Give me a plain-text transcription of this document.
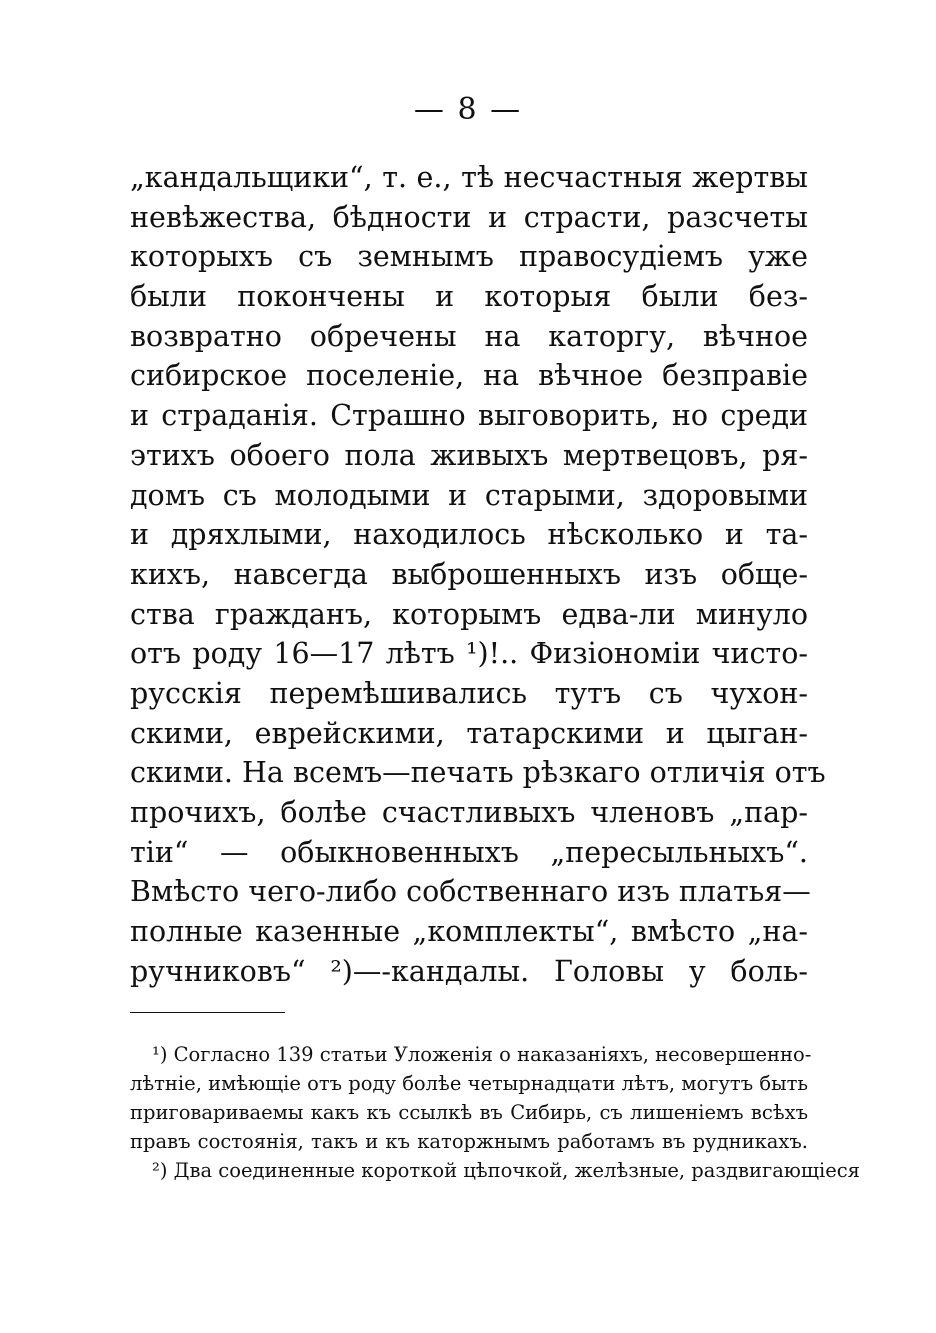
— 8 —
„кандальщики“, т. е., тѣ несчастныя жертвы
невѣжества, бѣдности и страсти, разсчеты
которыхъ съ земнымъ правосудіемъ уже
были покончены и которыя были без-
возвратно обречены на каторгу, вѣчное
сибирское поселеніе, на вѣчное безправіе
и страданія. Страшно выговорить, но среди
этихъ обоего пола живыхъ мертвецовъ, ря-
домъ съ молодыми и старыми, здоровыми
и дряхлыми, находилось нѣсколько и та-
кихъ, навсегда выброшенныхъ изъ обще-
ства гражданъ, которымъ едва-ли минуло
отъ роду 16—17 лѣтъ ¹)!.. Физіономіи чисто-
русскія перемѣшивались тутъ съ чухон-
скими, еврейскими, татарскими и цыган-
скими. На всемъ—печать рѣзкаго отличія отъ
прочихъ, болѣе счастливыхъ членовъ „пар-
тіи“ — обыкновенныхъ „пересыльныхъ“.
Вмѣсто чего-либо собственнаго изъ платья—
полные казенные „комплекты“, вмѣсто „на-
ручниковъ“ ²)—-кандалы. Головы у боль-
¹) Согласно 139 статьи Уложенія о наказаніяхъ, несовершенно-
лѣтніе, имѣющіе отъ роду болѣе четырнадцати лѣтъ, могутъ быть
приговариваемы какъ къ ссылкѣ въ Сибирь, съ лишеніемъ всѣхъ
правъ состоянія, такъ и къ каторжнымъ работамъ въ рудникахъ.
²) Два соединенные короткой цѣпочкой, желѣзные, раздвигающіеся
